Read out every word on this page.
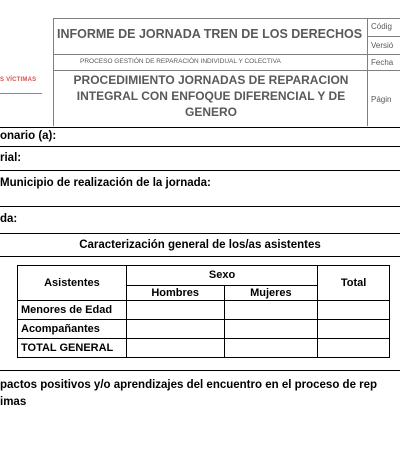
S VÍCTIMAS
INFORME DE JORNADA TREN DE LOS DERECHOS
PROCESO GESTIÓN DE REPARACIÓN INDIVIDUAL Y COLECTIVA
PROCEDIMIENTO JORNADAS DE REPARACION INTEGRAL CON ENFOQUE DIFERENCIAL Y DE GENERO
Códig
Versió
Fecha
Págin
onario (a):
rial:
Municipio de realización de la jornada:
da:
Caracterización general de los/as asistentes
Asistentes	Sexo		Total
	Hombres	Mujeres	
Menores de Edad			
Acompañantes			
TOTAL GENERAL			
pactos positivos y/o aprendizajes del encuentro en el proceso de rep
imas
